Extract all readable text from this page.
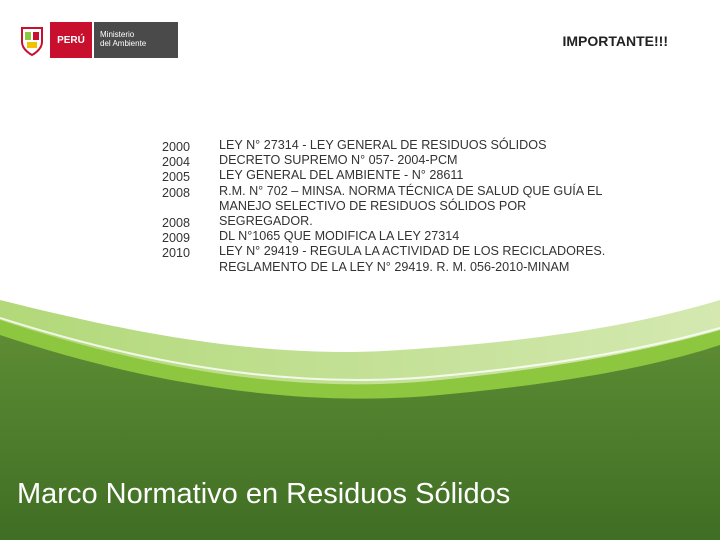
PERÚ	Ministerio
del Ambiente	IMPORTANTE!!!
2000
2004
2005
2008
2008
2009
2010
LEY N° 27314 - LEY GENERAL DE RESIDUOS SÓLIDOS
DECRETO SUPREMO N° 057- 2004-PCM
LEY GENERAL DEL AMBIENTE - N° 28611
R.M. N° 702 – MINSA. NORMA TÉCNICA DE SALUD QUE GUÍA EL
MANEJO SELECTIVO DE RESIDUOS SÓLIDOS POR
SEGREGADOR.
DL N°1065 QUE MODIFICA LA LEY 27314
LEY N° 29419 - REGULA LA ACTIVIDAD DE LOS RECICLADORES.
REGLAMENTO DE LA LEY N° 29419. R. M. 056-2010-MINAM
Marco Normativo en Residuos Sólidos
